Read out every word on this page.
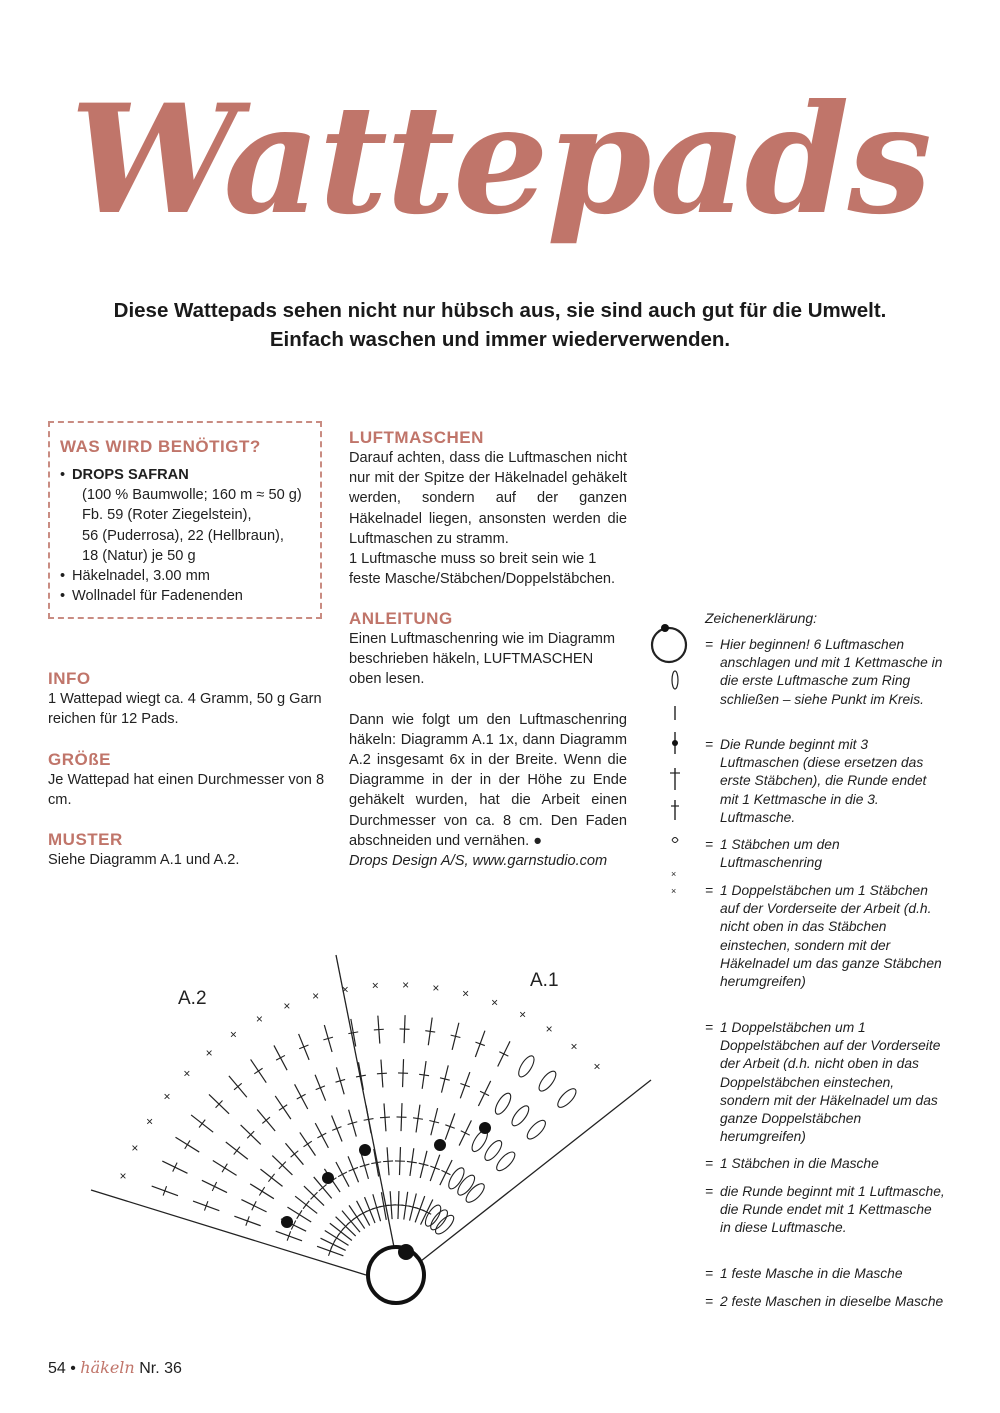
Wattepads
Diese Wattepads sehen nicht nur hübsch aus, sie sind auch gut für die Umwelt.
Einfach waschen und immer wiederverwenden.
WAS WIRD BENÖTIGT?
• DROPS SAFRAN
(100 % Baumwolle; 160 m ≈ 50 g)
Fb. 59 (Roter Ziegelstein),
56 (Puderrosa), 22 (Hellbraun),
18 (Natur) je 50 g
• Häkelnadel, 3.00 mm
• Wollnadel für Fadenenden
INFO
1 Wattepad wiegt ca. 4 Gramm, 50 g Garn reichen für 12 Pads.
GRÖßE
Je Wattepad hat einen Durchmesser von 8 cm.
MUSTER
Siehe Diagramm A.1 und A.2.
LUFTMASCHEN
Darauf achten, dass die Luftmaschen nicht nur mit der Spitze der Häkelnadel gehäkelt werden, sondern auf der ganzen Häkelnadel liegen, ansonsten werden die Luftmaschen zu stramm.
1 Luftmasche muss so breit sein wie 1 feste Masche/Stäbchen/Doppelstäbchen.
ANLEITUNG
Einen Luftmaschenring wie im Diagramm beschrieben häkeln, LUFTMASCHEN oben lesen.
Dann wie folgt um den Luftmaschenring häkeln: Diagramm A.1 1x, dann Diagramm A.2 insgesamt 6x in der Breite. Wenn die Diagramme in der in der Höhe zu Ende gehäkelt wurden, hat die Arbeit einen Durchmesser von ca. 8 cm. Den Faden abschneiden und vernähen. ●
Drops Design A/S, www.garnstudio.com
×
×
Zeichenerklärung:
= Hier beginnen! 6 Luftmaschen anschlagen und mit 1 Kettmasche in die erste Luftmasche zum Ring schließen – siehe Punkt im Kreis.
= Die Runde beginnt mit 3 Luftmaschen (diese ersetzen das erste Stäbchen), die Runde endet mit 1 Kettmasche in die 3. Luftmasche.
= 1 Stäbchen um den Luftmaschenring
= 1 Doppelstäbchen um 1 Stäbchen auf der Vorderseite der Arbeit (d.h. nicht oben in das Stäbchen einstechen, sondern mit der Häkelnadel um das ganze Stäbchen herumgreifen)
= 1 Doppelstäbchen um 1 Doppelstäbchen auf der Vorderseite der Arbeit (d.h. nicht oben in das Doppelstäbchen einstechen, sondern mit der Häkelnadel um das ganze Doppelstäbchen herumgreifen)
= 1 Stäbchen in die Masche
= die Runde beginnt mit 1 Luftmasche, die Runde endet mit 1 Kettmasche in diese Luftmasche.
= 1 feste Masche in die Masche
= 2 feste Maschen in dieselbe Masche
A.2
A.1
×
×
×
×
×
×
×
×
×
× × × × × ×
×
×
×
×
×
54 • häkeln Nr. 36
